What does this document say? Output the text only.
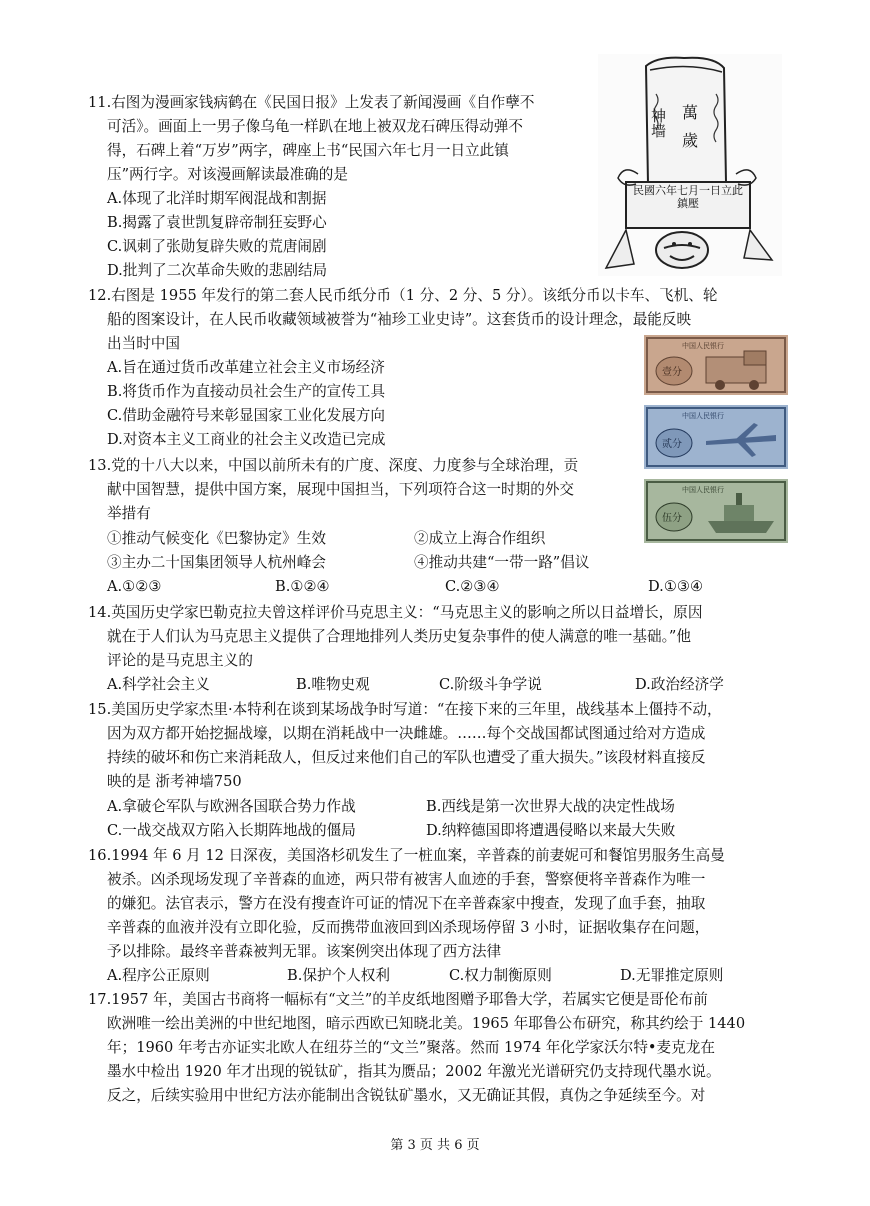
神墙 萬
歲
民國六年七月一日立此鎮壓
中国人民银行
壹分
中国人民银行
贰分
中国人民银行
伍分
11.右图为漫画家钱病鹤在《民国日报》上发表了新闻漫画《自作孽不
可活》。画面上一男子像乌龟一样趴在地上被双龙石碑压得动弹不
得，石碑上着“万岁”两字，碑座上书“民国六年七月一日立此镇
压”两行字。对该漫画解读最准确的是
A.体现了北洋时期军阀混战和割据
B.揭露了袁世凯复辟帝制狂妄野心
C.讽刺了张勋复辟失败的荒唐闹剧
D.批判了二次革命失败的悲剧结局
12.右图是 1955 年发行的第二套人民币纸分币（1 分、2 分、5 分）。该纸分币以卡车、飞机、轮
船的图案设计，在人民币收藏领域被誉为“袖珍工业史诗”。这套货币的设计理念，最能反映
出当时中国
A.旨在通过货币改革建立社会主义市场经济
B.将货币作为直接动员社会生产的宣传工具
C.借助金融符号来彰显国家工业化发展方向
D.对资本主义工商业的社会主义改造已完成
13.党的十八大以来，中国以前所未有的广度、深度、力度参与全球治理，贡
献中国智慧，提供中国方案，展现中国担当，下列项符合这一时期的外交
举措有
①推动气候变化《巴黎协定》生效	②成立上海合作组织
③主办二十国集团领导人杭州峰会	④推动共建“一带一路”倡议
A.①②③	B.①②④	C.②③④	D.①③④
14.英国历史学家巴勒克拉夫曾这样评价马克思主义：“马克思主义的影响之所以日益增长，原因
就在于人们认为马克思主义提供了合理地排列人类历史复杂事件的使人满意的唯一基础。”他
评论的是马克思主义的
A.科学社会主义	B.唯物史观	C.阶级斗争学说	D.政治经济学
15.美国历史学家杰里·本特利在谈到某场战争时写道：“在接下来的三年里，战线基本上僵持不动，
因为双方都开始挖掘战壕，以期在消耗战中一决雌雄。……每个交战国都试图通过给对方造成
持续的破坏和伤亡来消耗敌人，但反过来他们自己的军队也遭受了重大损失。”该段材料直接反
映的是 浙考神墙750
A.拿破仑军队与欧洲各国联合势力作战	B.西线是第一次世界大战的决定性战场
C.一战交战双方陷入长期阵地战的僵局	D.纳粹德国即将遭遇侵略以来最大失败
16.1994 年 6 月 12 日深夜，美国洛杉矶发生了一桩血案，辛普森的前妻妮可和餐馆男服务生高曼
被杀。凶杀现场发现了辛普森的血迹，两只带有被害人血迹的手套，警察便将辛普森作为唯一
的嫌犯。法官表示，警方在没有搜查许可证的情况下在辛普森家中搜查，发现了血手套，抽取
辛普森的血液并没有立即化验，反而携带血液回到凶杀现场停留 3 小时，证据收集存在问题，
予以排除。最终辛普森被判无罪。该案例突出体现了西方法律
A.程序公正原则	B.保护个人权利	C.权力制衡原则	D.无罪推定原则
17.1957 年，美国古书商将一幅标有“文兰”的羊皮纸地图赠予耶鲁大学，若属实它便是哥伦布前
欧洲唯一绘出美洲的中世纪地图，暗示西欧已知晓北美。1965 年耶鲁公布研究，称其约绘于 1440
年；1960 年考古亦证实北欧人在纽芬兰的“文兰”聚落。然而 1974 年化学家沃尔特•麦克龙在
墨水中检出 1920 年才出现的锐钛矿，指其为赝品；2002 年激光光谱研究仍支持现代墨水说。
反之，后续实验用中世纪方法亦能制出含锐钛矿墨水，又无确证其假，真伪之争延续至今。对
第 3 页 共 6 页
